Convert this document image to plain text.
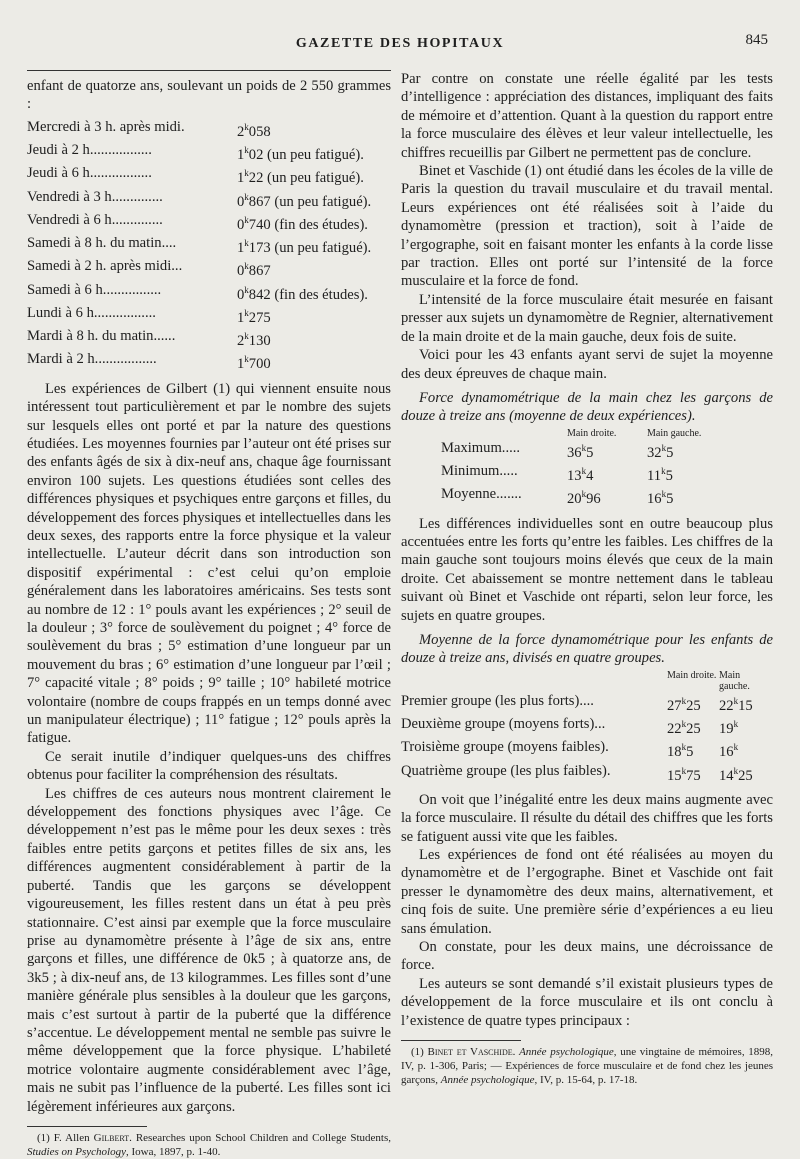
GAZETTE DES HOPITAUX	845

enfant de quatorze ans, soulevant un poids de 2 550 grammes :

Mercredi à 3 h. après midi.	2$^k$058
Jeudi à 2 h.................	1$^k$02 (un peu fatigué).
Jeudi à 6 h.................	1$^k$22 (un peu fatigué).
Vendredi à 3 h..............	0$^k$867 (un peu fatigué).
Vendredi à 6 h..............	0$^k$740 (fin des études).
Samedi à 8 h. du matin....	1$^k$173 (un peu fatigué).
Samedi à 2 h. après midi...	0$^k$867
Samedi à 6 h................	0$^k$842 (fin des études).
Lundi à 6 h.................	1$^k$275
Mardi à 8 h. du matin......	2$^k$130
Mardi à 2 h.................	1$^k$700

Les expériences de Gilbert (1) qui viennent ensuite nous intéressent tout particulièrement et par le nombre des sujets sur lesquels elles ont porté et par la nature des questions étudiées. Les moyennes fournies par l’auteur ont été prises sur des enfants âgés de six à dix-neuf ans, chaque âge fournissant environ 100 sujets. Les questions étudiées sont celles des différences physiques et psychiques entre garçons et filles, du développement des forces physiques et intellectuelles dans les deux sexes, des rapports entre la force physique et la valeur intellectuelle. L’auteur décrit dans son introduction son dispositif expérimental : c’est celui qu’on emploie généralement dans les laboratoires américains. Ses tests sont au nombre de 12 : 1° pouls avant les expériences ; 2° seuil de la douleur ; 3° force de soulèvement du poignet ; 4° force de soulèvement du bras ; 5° estimation d’une longueur par un mouvement du bras ; 6° estimation d’une longueur par l’œil ; 7° capacité vitale ; 8° poids ; 9° taille ; 10° habileté motrice volontaire (nombre de coups frappés en un temps donné avec un manipulateur électrique) ; 11° fatigue ; 12° pouls après la fatigue.

Ce serait inutile d’indiquer quelques-uns des chiffres obtenus pour faciliter la compréhension des résultats.

Les chiffres de ces auteurs nous montrent clairement le développement des fonctions physiques avec l’âge. Ce développement n’est pas le même pour les deux sexes : très faibles entre petits garçons et petites filles de six ans, les différences augmentent considérablement à partir de la puberté. Tandis que les garçons se développent vigoureusement, les filles restent dans un état à peu près stationnaire. C’est ainsi par exemple que la force musculaire prise au dynamomètre présente à l’âge de six ans, entre garçons et filles, une différence de 0k5 ; à quatorze ans, de 3k5 ; à dix-neuf ans, de 13 kilogrammes. Les filles sont d’une manière générale plus sensibles à la douleur que les garçons, mais c’est surtout à partir de la puberté que la différence s’accentue. Le développement mental ne semble pas suivre le même développement que la force physique. L’habileté motrice volontaire augmente considérablement avec l’âge, mais ne subit pas l’influence de la puberté. Les filles sont ici légèrement inférieures aux garçons.

(1) F. Allen Gilbert. Researches upon School Children and College Students, Studies on Psychology, Iowa, 1897, p. 1-40.

Par contre on constate une réelle égalité par les tests d’intelligence : appréciation des distances, impliquant des faits de mémoire et d’attention. Quant à la question du rapport entre la force musculaire des élèves et leur valeur intellectuelle, les chiffres recueillis par Gilbert ne permettent pas de conclure.

Binet et Vaschide (1) ont étudié dans les écoles de la ville de Paris la question du travail musculaire et du travail mental. Leurs expériences ont été réalisées soit à l’aide du dynamomètre (pression et traction), soit à l’aide de l’ergographe, soit en faisant monter les enfants à la corde lisse par traction. Elles ont porté sur l’intensité de la force musculaire et la force de fond.

L’intensité de la force musculaire était mesurée en faisant presser aux sujets un dynamomètre de Regnier, alternativement de la main droite et de la main gauche, deux fois de suite.

Voici pour les 43 enfants ayant servi de sujet la moyenne des deux épreuves de chaque main.

Force dynamométrique de la main chez les garçons de douze à treize ans (moyenne de deux expériences).

Main droite.	Main gauche.
Maximum.....	36$^k$5	32$^k$5
Minimum.....	13$^k$4	11$^k$5
Moyenne.......	20$^k$96	16$^k$5

Les différences individuelles sont en outre beaucoup plus accentuées entre les forts qu’entre les faibles. Les chiffres de la main gauche sont toujours moins élevés que ceux de la main droite. Cet abaissement se montre nettement dans le tableau suivant où Binet et Vaschide ont réparti, selon leur force, les sujets en quatre groupes.

Moyenne de la force dynamométrique pour les enfants de douze à treize ans, divisés en quatre groupes.

Main droite. Main gauche.
Premier groupe (les plus forts)....	27$^k$25	22$^k$15
Deuxième groupe (moyens forts)...	22$^k$25	19$^k$
Troisième groupe (moyens faibles).	18$^k$5	16$^k$
Quatrième groupe (les plus faibles).	15$^k$75	14$^k$25

On voit que l’inégalité entre les deux mains augmente avec la force musculaire. Il résulte du détail des chiffres que les forts se fatiguent aussi vite que les faibles.

Les expériences de fond ont été réalisées au moyen du dynamomètre et de l’ergographe. Binet et Vaschide ont fait presser le dynamomètre des deux mains, alternativement, et cinq fois de suite. Une première série d’expériences a eu lieu sans émulation.

On constate, pour les deux mains, une décroissance de force.

Les auteurs se sont demandé s’il existait plusieurs types de développement de la force musculaire et ils ont conclu à l’existence de quatre types principaux :

(1) Binet et Vaschide. Année psychologique, une vingtaine de mémoires, 1898, IV, p. 1-306, Paris; — Expériences de force musculaire et de fond chez les jeunes garçons, Année psychologique, IV, p. 15-64, p. 17-18.
